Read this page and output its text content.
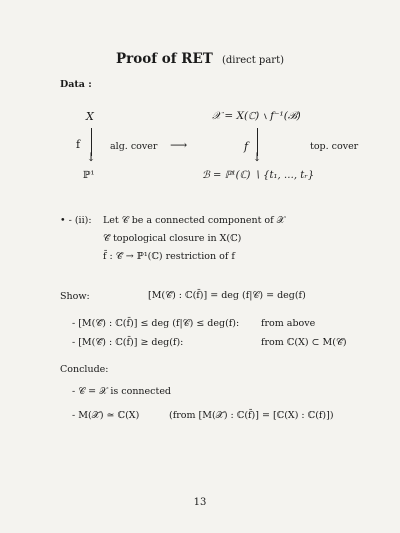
Proof of RET (direct part)
Data :
X
f
↓
ℙ¹
alg. cover ⟶
𝒳 = X(ℂ) ∖ f⁻¹(ℬ)
f
↓
ℬ = ℙ¹(ℂ) ∖ {t₁, …, tᵣ}
top. cover
• - (ii): Let 𝒞 be a connected component of 𝒳
𝒞̄ topological closure in X(ℂ)
f̄ : 𝒞̄ → ℙ¹(ℂ) restriction of f
Show:	[M(𝒞̄) : ℂ(f̄)] = deg (f|𝒞) = deg(f)
- [M(𝒞̄) : ℂ(f̄)] ≤ deg (f|𝒞) ≤ deg(f): from above
- [M(𝒞̄) : ℂ(f̄)] ≥ deg(f):	from ℂ(X) ⊂ M(𝒞̄)
Conclude:
- 𝒞 = 𝒳 is connected
- M(𝒳̄) ≃ ℂ(X)	(from [M(𝒳̄) : ℂ(f̄)] = [ℂ(X) : ℂ(f)])
13
